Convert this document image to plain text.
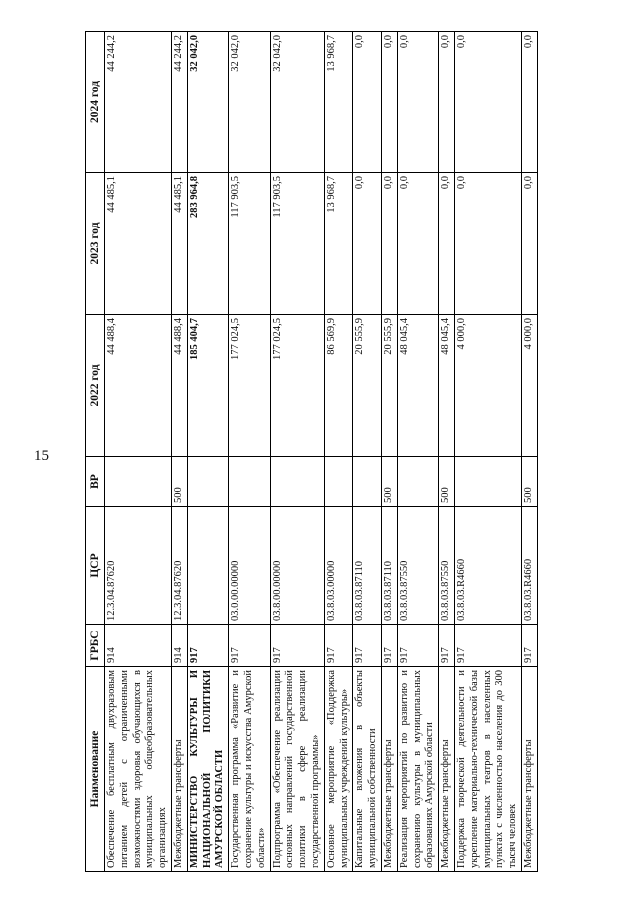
15
Наименование	ГРБС	ЦСР	ВР	2022 год	2023 год	2024 год
Обеспечение бесплатным двухразовым питанием детей с ограниченными возможностями здоровья обучающихся в муниципальных общеобразовательных организациях	914	12.3.04.87620		44 488,4	44 485,1	44 244,2
Межбюджетные трансферты	914	12.3.04.87620	500	44 488,4	44 485,1	44 244,2
МИНИСТЕРСТВО КУЛЬТУРЫ И НАЦИОНАЛЬНОЙ ПОЛИТИКИ АМУРСКОЙ ОБЛАСТИ	917			185 404,7	283 964,8	32 042,0
Государственная программа «Развитие и сохранение культуры и искусства Амурской области»	917	03.0.00.00000		177 024,5	117 903,5	32 042,0
Подпрограмма «Обеспечение реализации основных направлений государственной политики в сфере реализации государственной программы»	917	03.8.00.00000		177 024,5	117 903,5	32 042,0
Основное мероприятие «Поддержка муниципальных учреждений культуры»	917	03.8.03.00000		86 569,9	13 968,7	13 968,7
Капитальные вложения в объекты муниципальной собственности	917	03.8.03.87110		20 555,9	0,0	0,0
Межбюджетные трансферты	917	03.8.03.87110	500	20 555,9	0,0	0,0
Реализация мероприятий по развитию и сохранению культуры в муниципальных образованиях Амурской области	917	03.8.03.87550		48 045,4	0,0	0,0
Межбюджетные трансферты	917	03.8.03.87550	500	48 045,4	0,0	0,0
Поддержка творческой деятельности и укрепление материально-технической базы муниципальных театров в населенных пунктах с численностью населения до 300 тысяч человек	917	03.8.03.R4660		4 000,0	0,0	0,0
Межбюджетные трансферты	917	03.8.03.R4660	500	4 000,0	0,0	0,0
